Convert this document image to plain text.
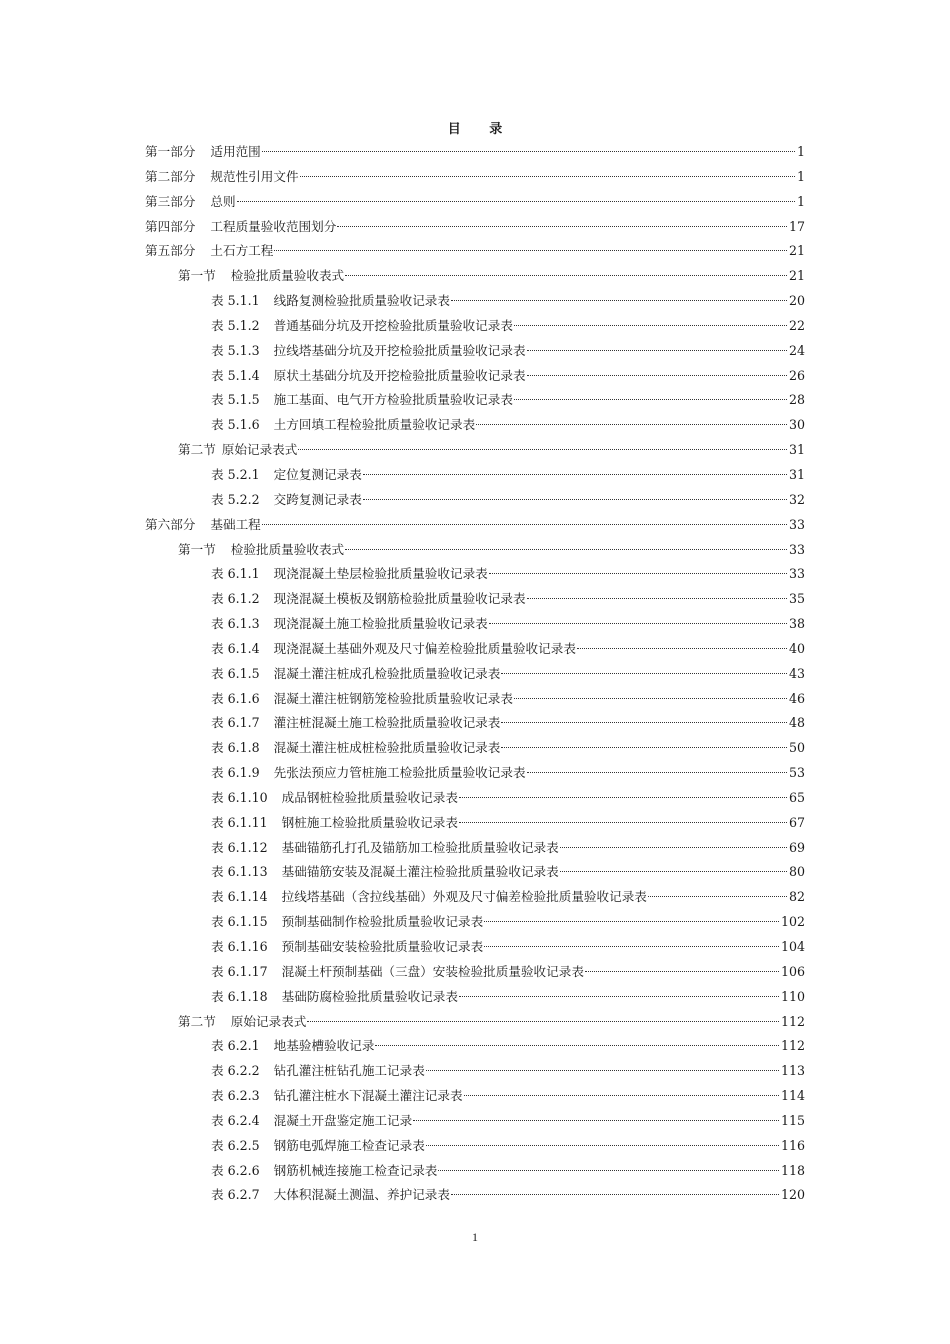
目 录
第一部分 适用范围	1
第二部分 规范性引用文件	1
第三部分 总则	1
第四部分 工程质量验收范围划分	17
第五部分 土石方工程	21
第一节 检验批质量验收表式	21
表 5.1.1 线路复测检验批质量验收记录表	20
表 5.1.2 普通基础分坑及开挖检验批质量验收记录表	22
表 5.1.3 拉线塔基础分坑及开挖检验批质量验收记录表	24
表 5.1.4 原状土基础分坑及开挖检验批质量验收记录表	26
表 5.1.5 施工基面、电气开方检验批质量验收记录表	28
表 5.1.6 土方回填工程检验批质量验收记录表	30
第二节 原始记录表式	31
表 5.2.1 定位复测记录表	31
表 5.2.2 交跨复测记录表	32
第六部分 基础工程	33
第一节 检验批质量验收表式	33
表 6.1.1 现浇混凝土垫层检验批质量验收记录表	33
表 6.1.2 现浇混凝土模板及钢筋检验批质量验收记录表	35
表 6.1.3 现浇混凝土施工检验批质量验收记录表	38
表 6.1.4 现浇混凝土基础外观及尺寸偏差检验批质量验收记录表	40
表 6.1.5 混凝土灌注桩成孔检验批质量验收记录表	43
表 6.1.6 混凝土灌注桩钢筋笼检验批质量验收记录表	46
表 6.1.7 灌注桩混凝土施工检验批质量验收记录表	48
表 6.1.8 混凝土灌注桩成桩检验批质量验收记录表	50
表 6.1.9 先张法预应力管桩施工检验批质量验收记录表	53
表 6.1.10 成品钢桩检验批质量验收记录表	65
表 6.1.11 钢桩施工检验批质量验收记录表	67
表 6.1.12 基础锚筋孔打孔及锚筋加工检验批质量验收记录表	69
表 6.1.13 基础锚筋安装及混凝土灌注检验批质量验收记录表	80
表 6.1.14 拉线塔基础（含拉线基础）外观及尺寸偏差检验批质量验收记录表	82
表 6.1.15 预制基础制作检验批质量验收记录表	102
表 6.1.16 预制基础安装检验批质量验收记录表	104
表 6.1.17 混凝土杆预制基础（三盘）安装检验批质量验收记录表	106
表 6.1.18 基础防腐检验批质量验收记录表	110
第二节 原始记录表式	112
表 6.2.1 地基验槽验收记录	112
表 6.2.2 钻孔灌注桩钻孔施工记录表	113
表 6.2.3 钻孔灌注桩水下混凝土灌注记录表	114
表 6.2.4 混凝土开盘鉴定施工记录	115
表 6.2.5 钢筋电弧焊施工检查记录表	116
表 6.2.6 钢筋机械连接施工检查记录表	118
表 6.2.7 大体积混凝土测温、养护记录表	120
1
